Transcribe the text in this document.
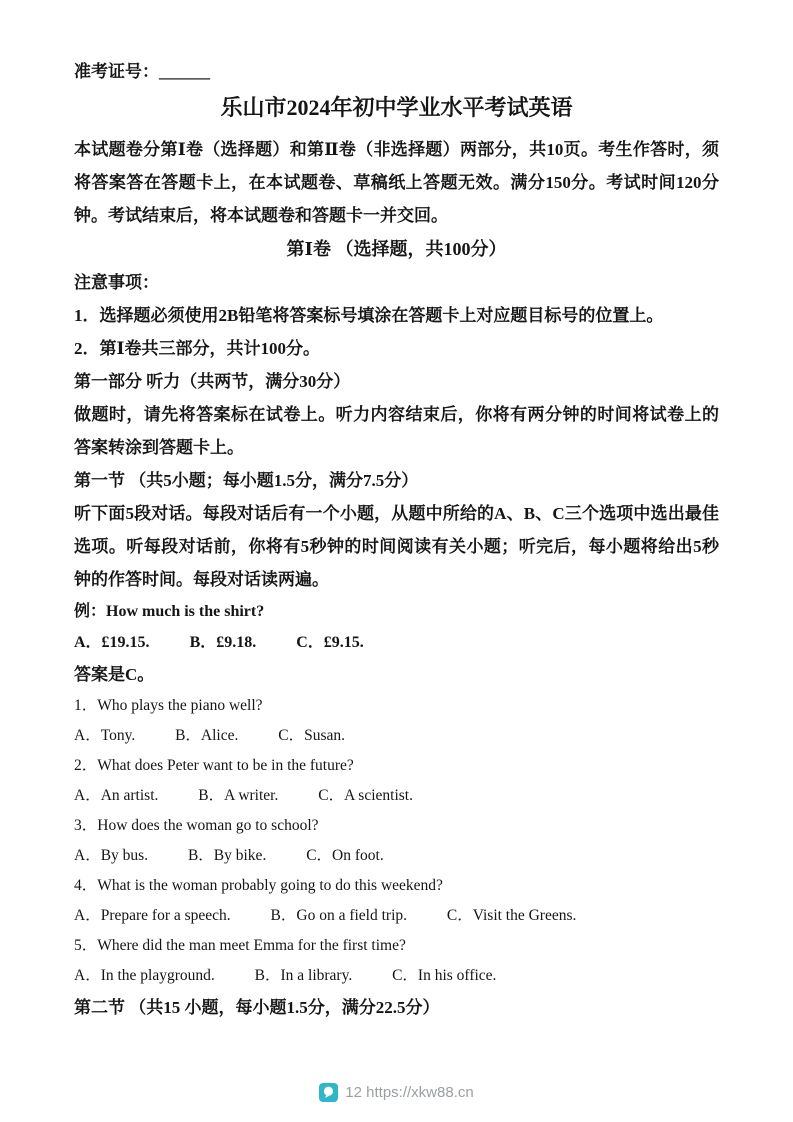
准考证号：______

乐山市2024年初中学业水平考试英语

本试题卷分第Ⅰ卷（选择题）和第Ⅱ卷（非选择题）两部分，共10页。考生作答时，须将答案答在答题卡上，在本试题卷、草稿纸上答题无效。满分150分。考试时间120分钟。考试结束后，将本试题卷和答题卡一并交回。

第Ⅰ卷 （选择题，共100分）

注意事项：

1．选择题必须使用2B铅笔将答案标号填涂在答题卡上对应题目标号的位置上。

2．第Ⅰ卷共三部分，共计100分。

第一部分 听力（共两节，满分30分）

做题时，请先将答案标在试卷上。听力内容结束后，你将有两分钟的时间将试卷上的答案转涂到答题卡上。

第一节 （共5小题；每小题1.5分，满分7.5分）

听下面5段对话。每段对话后有一个小题，从题中所给的A、B、C三个选项中选出最佳选项。听每段对话前，你将有5秒钟的时间阅读有关小题；听完后，每小题将给出5秒钟的作答时间。每段对话读两遍。

例：How much is the shirt?

A．£19.15.	B．£9.18.	C．£9.15.

答案是C。

1．Who plays the piano well?

A．Tony.	B．Alice.	C．Susan.

2．What does Peter want to be in the future?

A．An artist.	B．A writer.	C．A scientist.

3．How does the woman go to school?

A．By bus.	B．By bike.	C．On foot.

4．What is the woman probably going to do this weekend?

A．Prepare for a speech.	B．Go on a field trip.	C．Visit the Greens.

5．Where did the man meet Emma for the first time?

A．In the playground.	B．In a library.	C．In his office.

第二节 （共15 小题，每小题1.5分，满分22.5分）

12 https://xkw88.cn
